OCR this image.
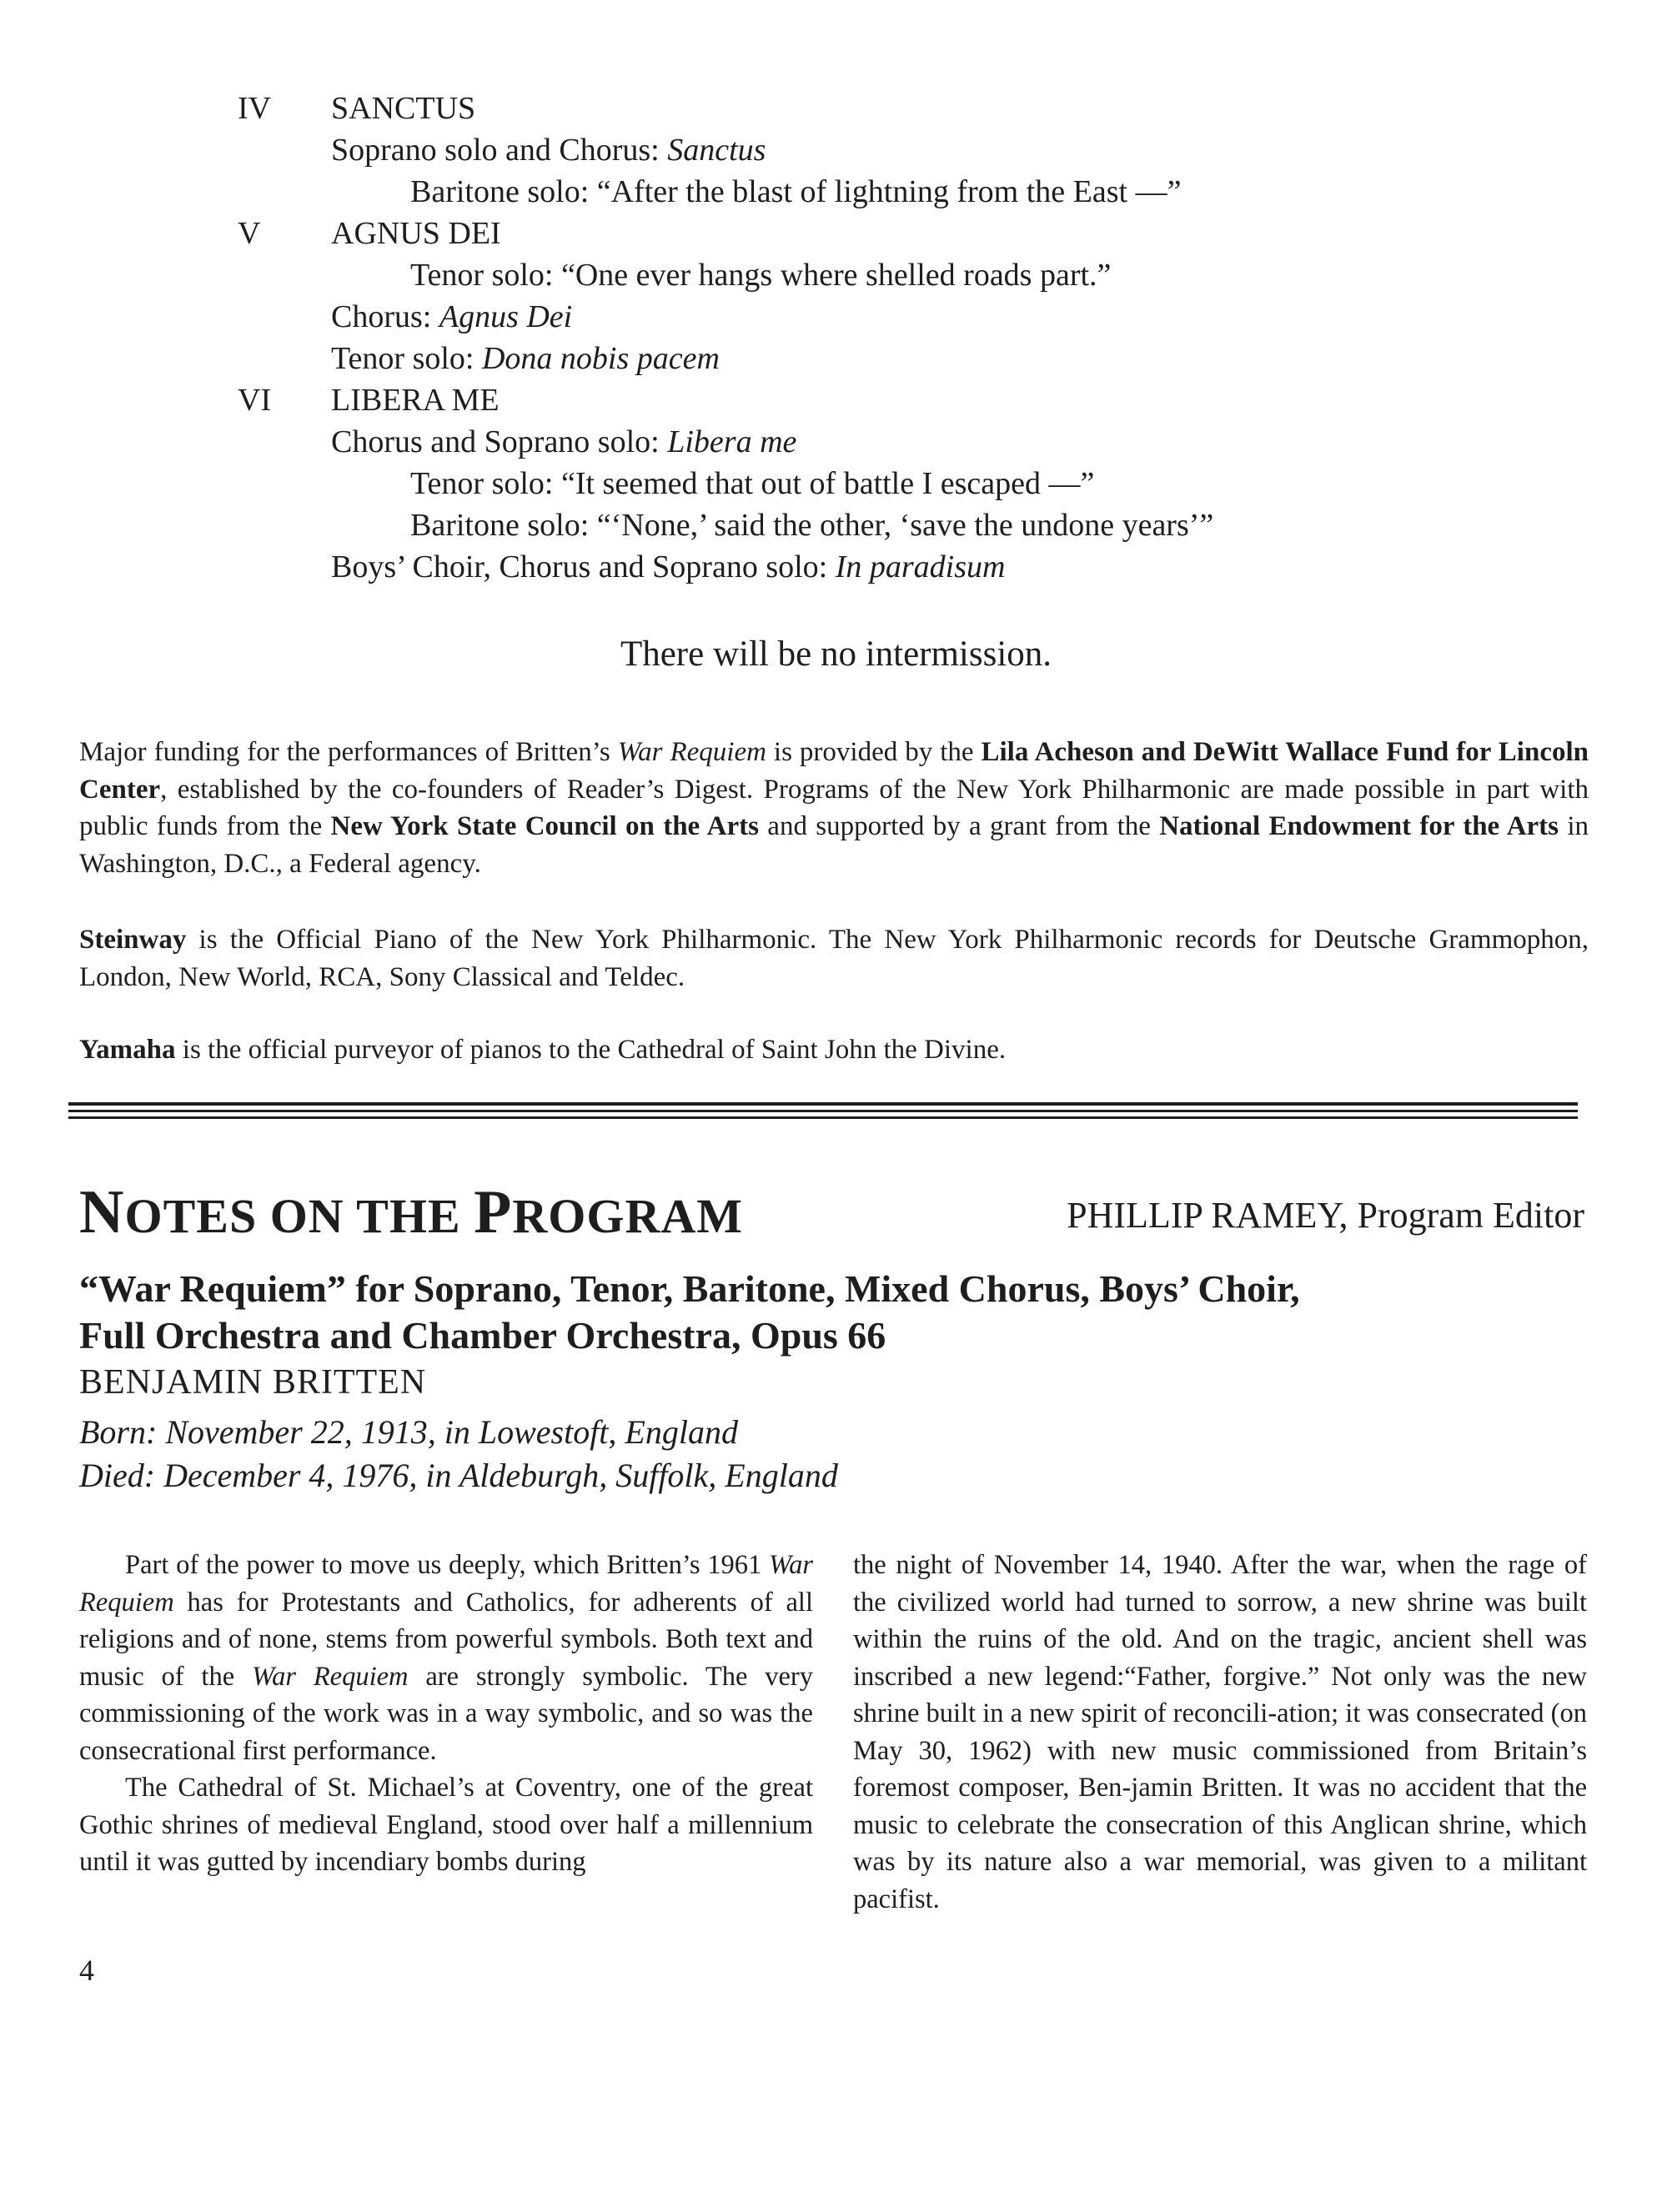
IV SANCTUS
Soprano solo and Chorus: Sanctus
Baritone solo: “After the blast of lightning from the East —”
V AGNUS DEI
Tenor solo: “One ever hangs where shelled roads part.”
Chorus: Agnus Dei
Tenor solo: Dona nobis pacem
VI LIBERA ME
Chorus and Soprano solo: Libera me
Tenor solo: “It seemed that out of battle I escaped —”
Baritone solo: “‘None,’ said the other, ‘save the undone years’”
Boys’ Choir, Chorus and Soprano solo: In paradisum
There will be no intermission.
Major funding for the performances of Britten’s War Requiem is provided by the Lila Acheson and DeWitt Wallace Fund for Lincoln Center, established by the co-founders of Reader’s Digest. Programs of the New York Philharmonic are made possible in part with public funds from the New York State Council on the Arts and supported by a grant from the National Endowment for the Arts in Washington, D.C., a Federal agency.
Steinway is the Official Piano of the New York Philharmonic. The New York Philharmonic records for Deutsche Grammophon, London, New World, RCA, Sony Classical and Teldec.
Yamaha is the official purveyor of pianos to the Cathedral of Saint John the Divine.
NOTES ON THE PROGRAM	PHILLIP RAMEY, Program Editor
“War Requiem” for Soprano, Tenor, Baritone, Mixed Chorus, Boys’ Choir,
Full Orchestra and Chamber Orchestra, Opus 66
BENJAMIN BRITTEN
Born: November 22, 1913, in Lowestoft, England
Died: December 4, 1976, in Aldeburgh, Suffolk, England

Part of the power to move us deeply, which Britten’s 1961 War Requiem has for Protestants and Catholics, for adherents of all religions and of none, stems from powerful symbols. Both text and music of the War Requiem are strongly symbolic. The very commissioning of the work was in a way symbolic, and so was the consecrational first performance.

The Cathedral of St. Michael’s at Coventry, one of the great Gothic shrines of medieval England, stood over half a millennium until it was gutted by incendiary bombs during

the night of November 14, 1940. After the war, when the rage of the civilized world had turned to sorrow, a new shrine was built within the ruins of the old. And on the tragic, ancient shell was inscribed a new legend:“Father, forgive.” Not only was the new shrine built in a new spirit of reconcili-ation; it was consecrated (on May 30, 1962) with new music commissioned from Britain’s foremost composer, Ben-jamin Britten. It was no accident that the music to celebrate the consecration of this Anglican shrine, which was by its nature also a war memorial, was given to a militant pacifist.

4
